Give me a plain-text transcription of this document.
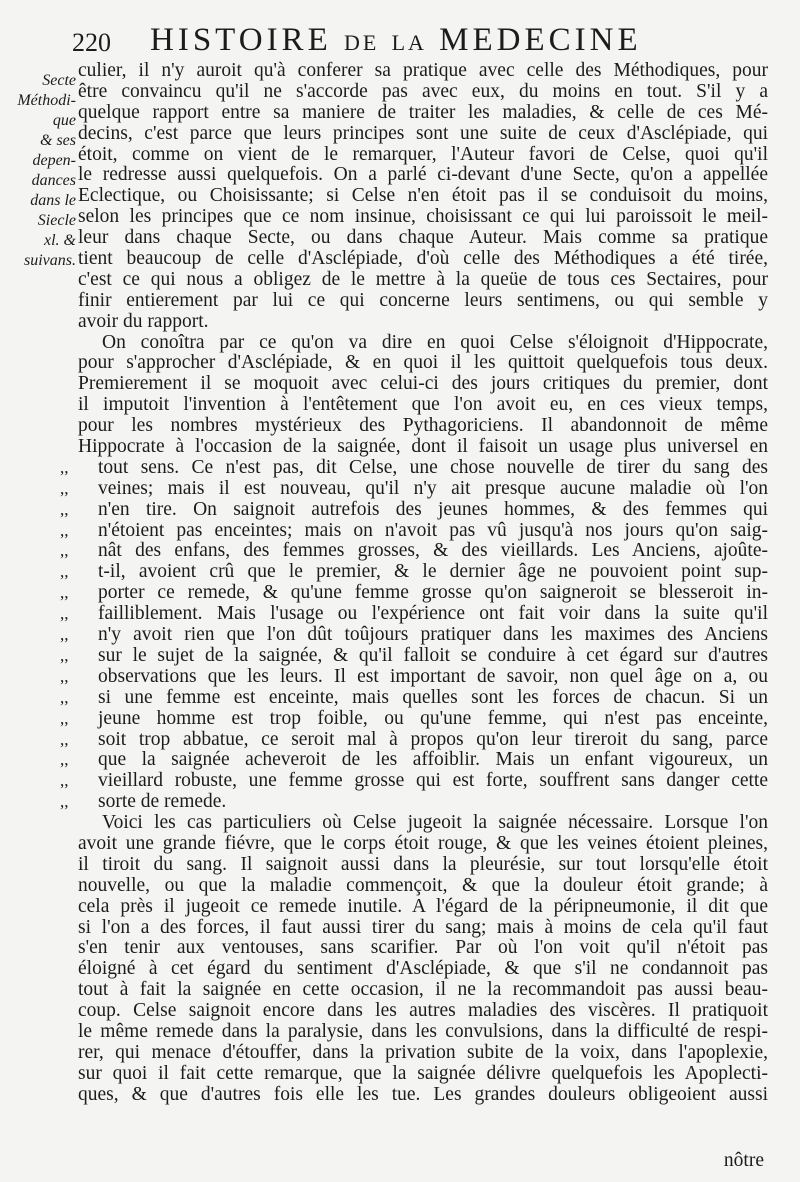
220 HISTOIRE DE LA MEDECINE
Secte
Méthodi-
que
& ses
depen-
dances
dans le
Siecle
xl. &
suivans.
culier, il n'y auroit qu'à conferer sa pratique avec celle des Méthodiques, pour
être convaincu qu'il ne s'accorde pas avec eux, du moins en tout. S'il y a
quelque rapport entre sa maniere de traiter les maladies, & celle de ces Mé-
decins, c'est parce que leurs principes sont une suite de ceux d'Asclépiade, qui
étoit, comme on vient de le remarquer, l'Auteur favori de Celse, quoi qu'il
le redresse aussi quelquefois. On a parlé ci-devant d'une Secte, qu'on a appellée
Eclectique, ou Choisissante; si Celse n'en étoit pas il se conduisoit du moins,
selon les principes que ce nom insinue, choisissant ce qui lui paroissoit le meil-
leur dans chaque Secte, ou dans chaque Auteur. Mais comme sa pratique
tient beaucoup de celle d'Asclépiade, d'où celle des Méthodiques a été tirée,
c'est ce qui nous a obligez de le mettre à la queüe de tous ces Sectaires, pour
finir entierement par lui ce qui concerne leurs sentimens, ou qui semble y
avoir du rapport.
On conoîtra par ce qu'on va dire en quoi Celse s'éloignoit d'Hippocrate,
pour s'approcher d'Asclépiade, & en quoi il les quittoit quelquefois tous deux.
Premierement il se moquoit avec celui-ci des jours critiques du premier, dont
il imputoit l'invention à l'entêtement que l'on avoit eu, en ces vieux temps,
pour les nombres mystérieux des Pythagoriciens. Il abandonnoit de même
Hippocrate à l'occasion de la saignée, dont il faisoit un usage plus universel en
,, tout sens. Ce n'est pas, dit Celse, une chose nouvelle de tirer du sang des
,, veines; mais il est nouveau, qu'il n'y ait presque aucune maladie où l'on
,, n'en tire. On saignoit autrefois des jeunes hommes, & des femmes qui
,, n'étoient pas enceintes; mais on n'avoit pas vû jusqu'à nos jours qu'on saig-
,, nât des enfans, des femmes grosses, & des vieillards. Les Anciens, ajoûte-
,, t-il, avoient crû que le premier, & le dernier âge ne pouvoient point sup-
,, porter ce remede, & qu'une femme grosse qu'on saigneroit se blesseroit in-
,, failliblement. Mais l'usage ou l'expérience ont fait voir dans la suite qu'il
,, n'y avoit rien que l'on dût toûjours pratiquer dans les maximes des Anciens
,, sur le sujet de la saignée, & qu'il falloit se conduire à cet égard sur d'autres
,, observations que les leurs. Il est important de savoir, non quel âge on a, ou
,, si une femme est enceinte, mais quelles sont les forces de chacun. Si un
,, jeune homme est trop foible, ou qu'une femme, qui n'est pas enceinte,
,, soit trop abbatue, ce seroit mal à propos qu'on leur tireroit du sang, parce
,, que la saignée acheveroit de les affoiblir. Mais un enfant vigoureux, un
,, vieillard robuste, une femme grosse qui est forte, souffrent sans danger cette
,, sorte de remede.
Voici les cas particuliers où Celse jugeoit la saignée nécessaire. Lorsque l'on
avoit une grande fiévre, que le corps étoit rouge, & que les veines étoient pleines,
il tiroit du sang. Il saignoit aussi dans la pleurésie, sur tout lorsqu'elle étoit
nouvelle, ou que la maladie commençoit, & que la douleur étoit grande; à
cela près il jugeoit ce remede inutile. A l'égard de la péripneumonie, il dit que
si l'on a des forces, il faut aussi tirer du sang; mais à moins de cela qu'il faut
s'en tenir aux ventouses, sans scarifier. Par où l'on voit qu'il n'étoit pas
éloigné à cet égard du sentiment d'Asclépiade, & que s'il ne condannoit pas
tout à fait la saignée en cette occasion, il ne la recommandoit pas aussi beau-
coup. Celse saignoit encore dans les autres maladies des viscères. Il pratiquoit
le même remede dans la paralysie, dans les convulsions, dans la difficulté de respi-
rer, qui menace d'étouffer, dans la privation subite de la voix, dans l'apoplexie,
sur quoi il fait cette remarque, que la saignée délivre quelquefois les Apoplecti-
ques, & que d'autres fois elle les tue. Les grandes douleurs obligeoient aussi
nôtre
